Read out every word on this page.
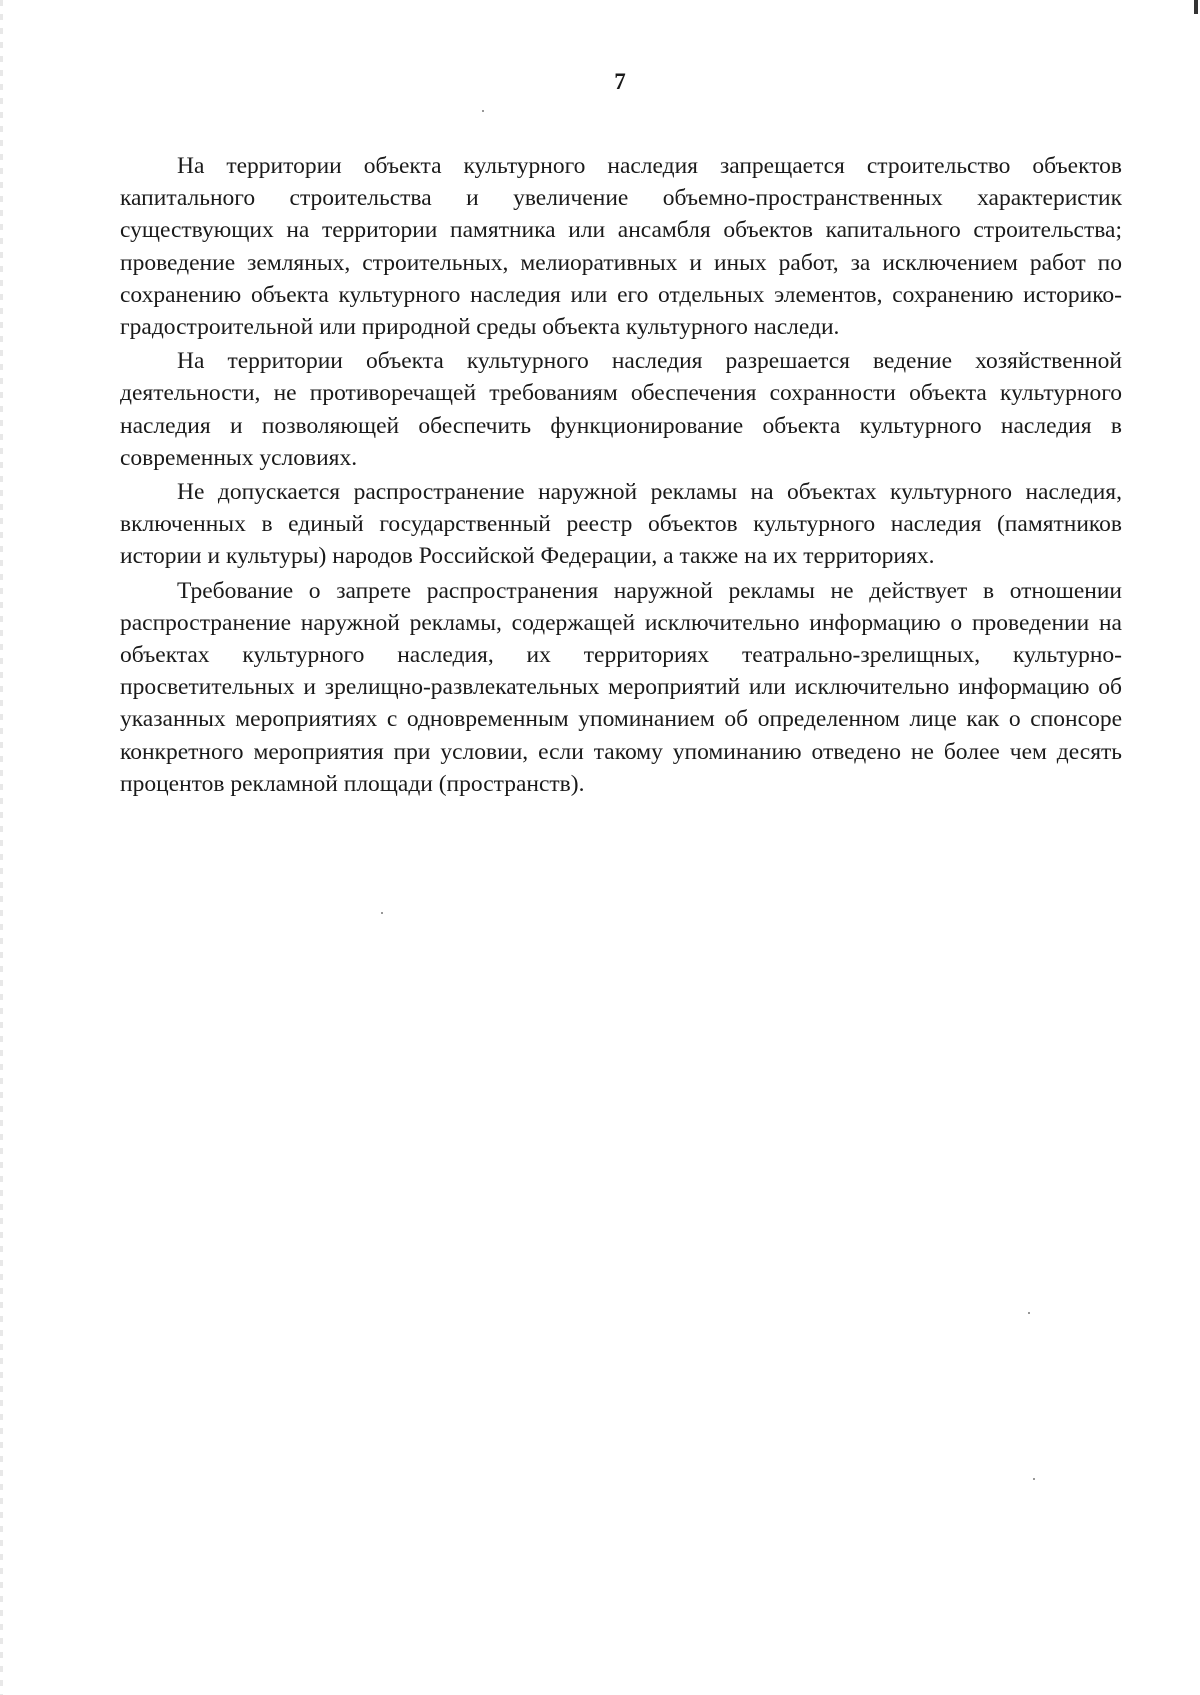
7

На территории объекта культурного наследия запрещается строительство объектов капитального строительства и увеличение объемно-пространственных характеристик существующих на территории памятника или ансамбля объектов капитального строительства; проведение земляных, строительных, мелиоративных и иных работ, за исключением работ по сохранению объекта культурного наследия или его отдельных элементов, сохранению историко-градостроительной или природной среды объекта культурного наследи.

На территории объекта культурного наследия разрешается ведение хозяйственной деятельности, не противоречащей требованиям обеспечения сохранности объекта культурного наследия и позволяющей обеспечить функционирование объекта культурного наследия в современных условиях.

Не допускается распространение наружной рекламы на объектах культурного наследия, включенных в единый государственный реестр объектов культурного наследия (памятников истории и культуры) народов Российской Федерации, а также на их территориях.

Требование о запрете распространения наружной рекламы не действует в отношении распространение наружной рекламы, содержащей исключительно информацию о проведении на объектах культурного наследия, их территориях театрально-зрелищных, культурно-просветительных и зрелищно-развлекательных мероприятий или исключительно информацию об указанных мероприятиях с одновременным упоминанием об определенном лице как о спонсоре конкретного мероприятия при условии, если такому упоминанию отведено не более чем десять процентов рекламной площади (пространств).
